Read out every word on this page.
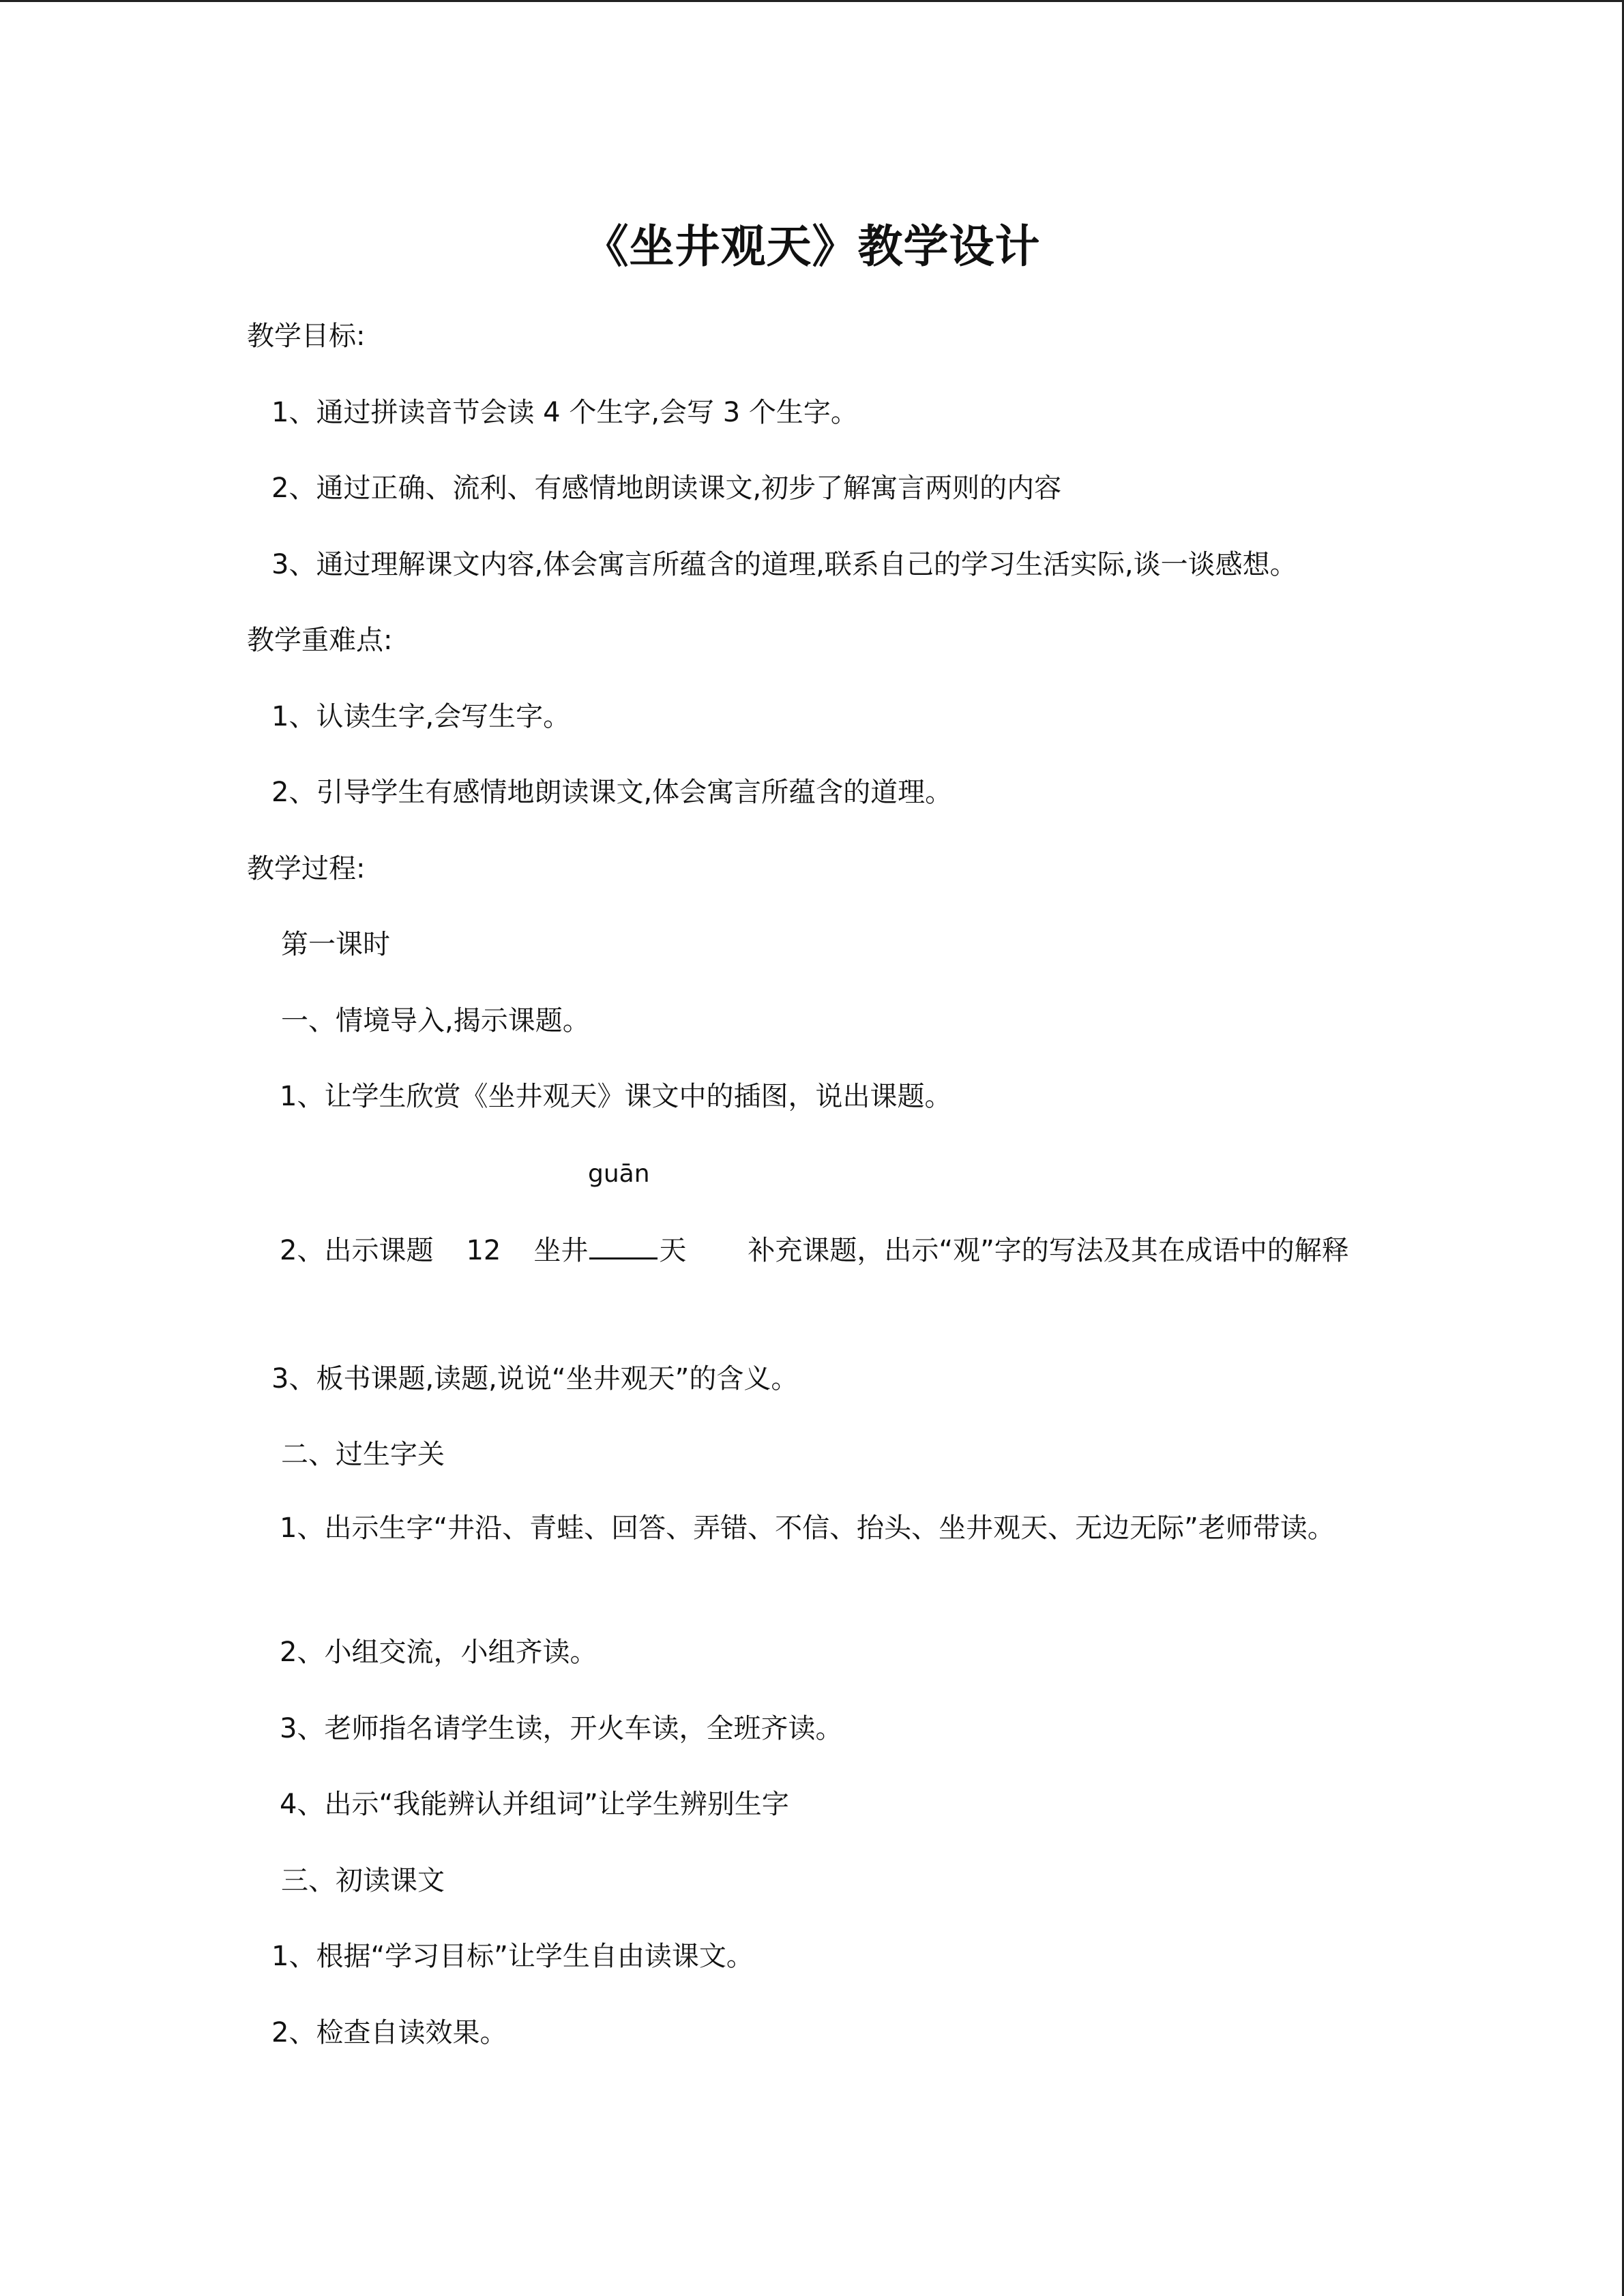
《坐井观天》教学设计
教学目标:
1、通过拼读音节会读 4 个生字,会写 3 个生字。
2、通过正确、流利、有感情地朗读课文,初步了解寓言两则的内容
3、通过理解课文内容,体会寓言所蕴含的道理,联系自己的学习生活实际,谈一谈感想。
教学重难点:
1、认读生字,会写生字。
2、引导学生有感情地朗读课文,体会寓言所蕴含的道理。
教学过程:
第一课时
一、情境导入,揭示课题。
1、让学生欣赏《坐井观天》课文中的插图，说出课题。
guān
2、出示课题 12 坐井	天 补充课题，出示“观”字的写法及其在成语中的解释
3、板书课题,读题,说说“坐井观天”的含义。
二、过生字关
1、出示生字“井沿、青蛙、回答、弄错、不信、抬头、坐井观天、无边无际”老师带读。
2、小组交流，小组齐读。
3、老师指名请学生读，开火车读，全班齐读。
4、出示“我能辨认并组词”让学生辨别生字
三、初读课文
1、根据“学习目标”让学生自由读课文。
2、检查自读效果。
